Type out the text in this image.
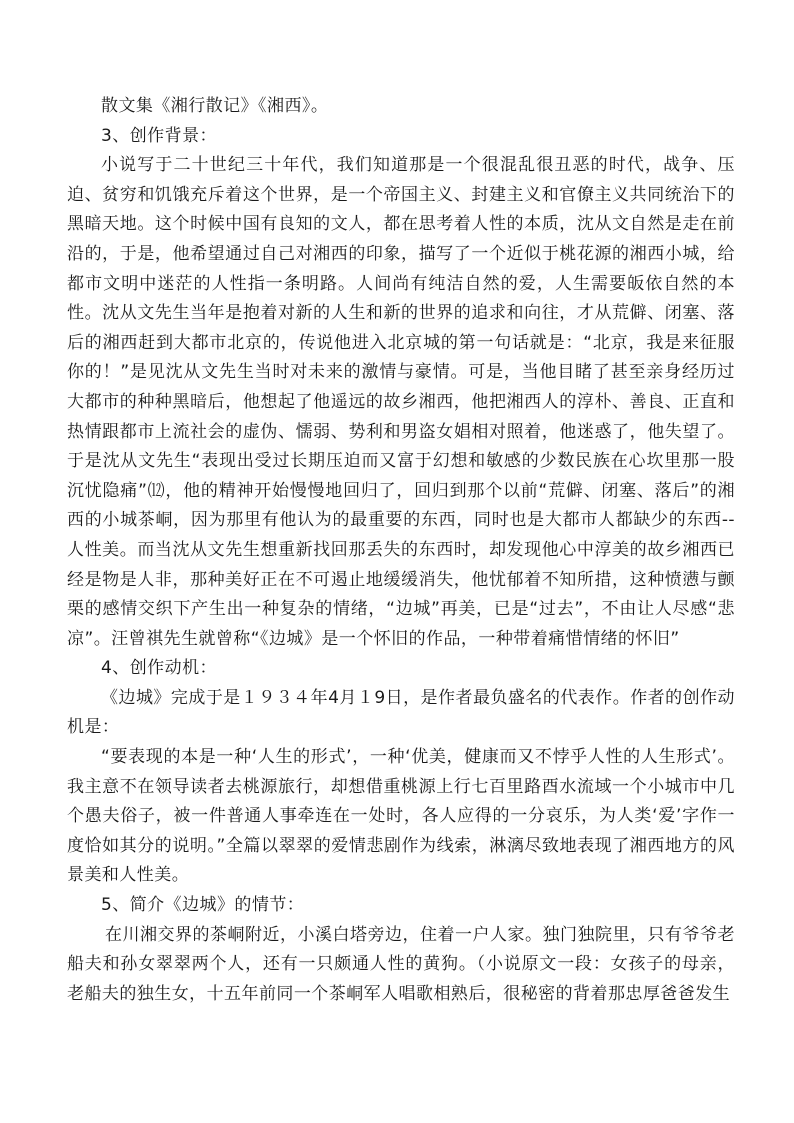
散文集《湘行散记》《湘西》。

3、创作背景：

小说写于二十世纪三十年代，我们知道那是一个很混乱很丑恶的时代，战争、压迫、贫穷和饥饿充斥着这个世界，是一个帝国主义、封建主义和官僚主义共同统治下的黑暗天地。这个时候中国有良知的文人，都在思考着人性的本质，沈从文自然是走在前沿的，于是，他希望通过自己对湘西的印象，描写了一个近似于桃花源的湘西小城，给都市文明中迷茫的人性指一条明路。人间尚有纯洁自然的爱，人生需要皈依自然的本性。沈从文先生当年是抱着对新的人生和新的世界的追求和向往，才从荒僻、闭塞、落后的湘西赶到大都市北京的，传说他进入北京城的第一句话就是：“北京，我是来征服你的！”是见沈从文先生当时对未来的激情与豪情。可是，当他目睹了甚至亲身经历过大都市的种种黑暗后，他想起了他遥远的故乡湘西，他把湘西人的淳朴、善良、正直和热情跟都市上流社会的虚伪、懦弱、势利和男盗女娼相对照着，他迷惑了，他失望了。于是沈从文先生“表现出受过长期压迫而又富于幻想和敏感的少数民族在心坎里那一股沉忧隐痛”⑿，他的精神开始慢慢地回归了，回归到那个以前“荒僻、闭塞、落后”的湘西的小城茶峒，因为那里有他认为的最重要的东西，同时也是大都市人都缺少的东西--人性美。而当沈从文先生想重新找回那丢失的东西时，却发现他心中淳美的故乡湘西已经是物是人非，那种美好正在不可遏止地缓缓消失，他忧郁着不知所措，这种愤懑与颤栗的感情交织下产生出一种复杂的情绪，“边城”再美，已是“过去”，不由让人尽感“悲凉”。汪曾祺先生就曾称“《边城》是一个怀旧的作品，一种带着痛惜情绪的怀旧”

4、创作动机：

《边城》完成于是１９３４年4月１9日，是作者最负盛名的代表作。作者的创作动机是：

“要表现的本是一种‘人生的形式’，一种‘优美，健康而又不悖乎人性的人生形式’。我主意不在领导读者去桃源旅行，却想借重桃源上行七百里路酉水流域一个小城市中几个愚夫俗子，被一件普通人事牵连在一处时，各人应得的一分哀乐，为人类‘爱’字作一度恰如其分的说明。”全篇以翠翠的爱情悲剧作为线索，淋漓尽致地表现了湘西地方的风景美和人性美。

5、简介《边城》的情节：

在川湘交界的茶峒附近，小溪白塔旁边，住着一户人家。独门独院里，只有爷爷老船夫和孙女翠翠两个人，还有一只颇通人性的黄狗。（小说原文一段：女孩子的母亲，老船夫的独生女，十五年前同一个茶峒军人唱歌相熟后，很秘密的背着那忠厚爸爸发生
